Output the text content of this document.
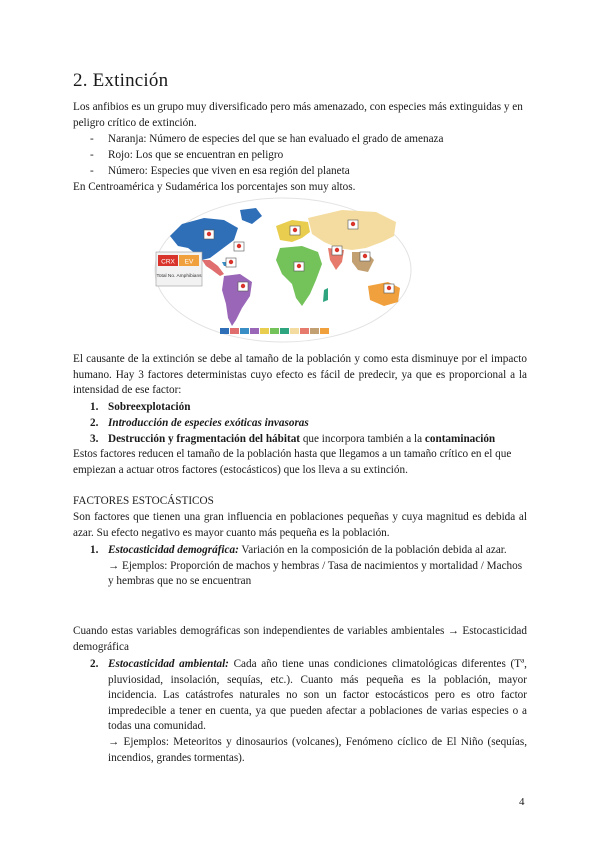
2. Extinción

Los anfibios es un grupo muy diversificado pero más amenazado, con especies más extinguidas y en peligro crítico de extinción.

- Naranja: Número de especies del que se han evaluado el grado de amenaza
- Rojo: Los que se encuentran en peligro
- Número: Especies que viven en esa región del planeta

En Centroamérica y Sudamérica los porcentajes son muy altos.

CRX EV
Total No. Amphibians

El causante de la extinción se debe al tamaño de la población y como esta disminuye por el impacto humano. Hay 3 factores deterministas cuyo efecto es fácil de predecir, ya que es proporcional a la intensidad de ese factor:

1. Sobreexplotación
2. Introducción de especies exóticas invasoras
3. Destrucción y fragmentación del hábitat que incorpora también a la contaminación

Estos factores reducen el tamaño de la población hasta que llegamos a un tamaño crítico en el que empiezan a actuar otros factores (estocásticos) que los lleva a su extinción.

FACTORES ESTOCÁSTICOS

Son factores que tienen una gran influencia en poblaciones pequeñas y cuya magnitud es debida al azar. Su efecto negativo es mayor cuanto más pequeña es la población.

1. Estocasticidad demográfica: Variación en la composición de la población debida al azar.
→ Ejemplos: Proporción de machos y hembras / Tasa de nacimientos y mortalidad / Machos y hembras que no se encuentran

Cuando estas variables demográficas son independientes de variables ambientales → Estocasticidad demográfica

2. Estocasticidad ambiental: Cada año tiene unas condiciones climatológicas diferentes (Tª, pluviosidad, insolación, sequías, etc.). Cuanto más pequeña es la población, mayor incidencia. Las catástrofes naturales no son un factor estocásticos pero es otro factor impredecible a tener en cuenta, ya que pueden afectar a poblaciones de varias especies o a todas una comunidad.
→ Ejemplos: Meteoritos y dinosaurios (volcanes), Fenómeno cíclico de El Niño (sequías, incendios, grandes tormentas).
4
